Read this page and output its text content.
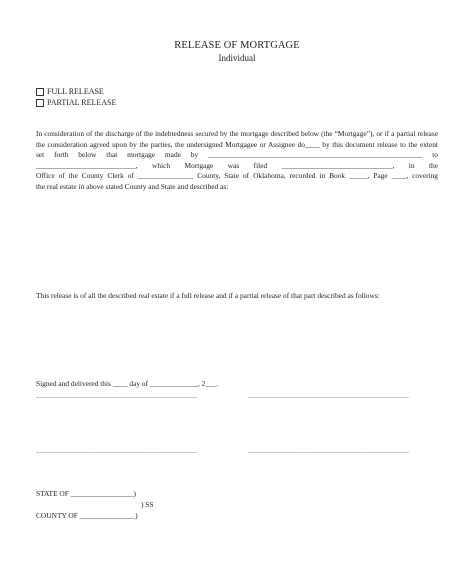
RELEASE OF MORTGAGE
Individual
FULL RELEASE
PARTIAL RELEASE
In consideration of the discharge of the indebtedness secured by the mortgage described below (the “Mortgage”), or if a partial release
the consideration agreed upon by the parties, the undersigned Mortgagee or Assignee do____ by this document release to the extent
set forth below that mortgage made by __________________________________________________________ to
___________________________, which Mortgage was filed ______________________________, in the
Office of the County Clerk of _______________ County, State of Oklahoma, recorded in Book _____, Page ____, covering
the real estate in above stated County and State and described as:
This release is of all the described real estate if a full release and if a partial release of that part described as follows:
Signed and delivered this ____ day of _____________, 2___.
___________________________________________	___________________________________________
___________________________________________	___________________________________________
STATE OF _________________)
) SS
COUNTY OF _______________)
